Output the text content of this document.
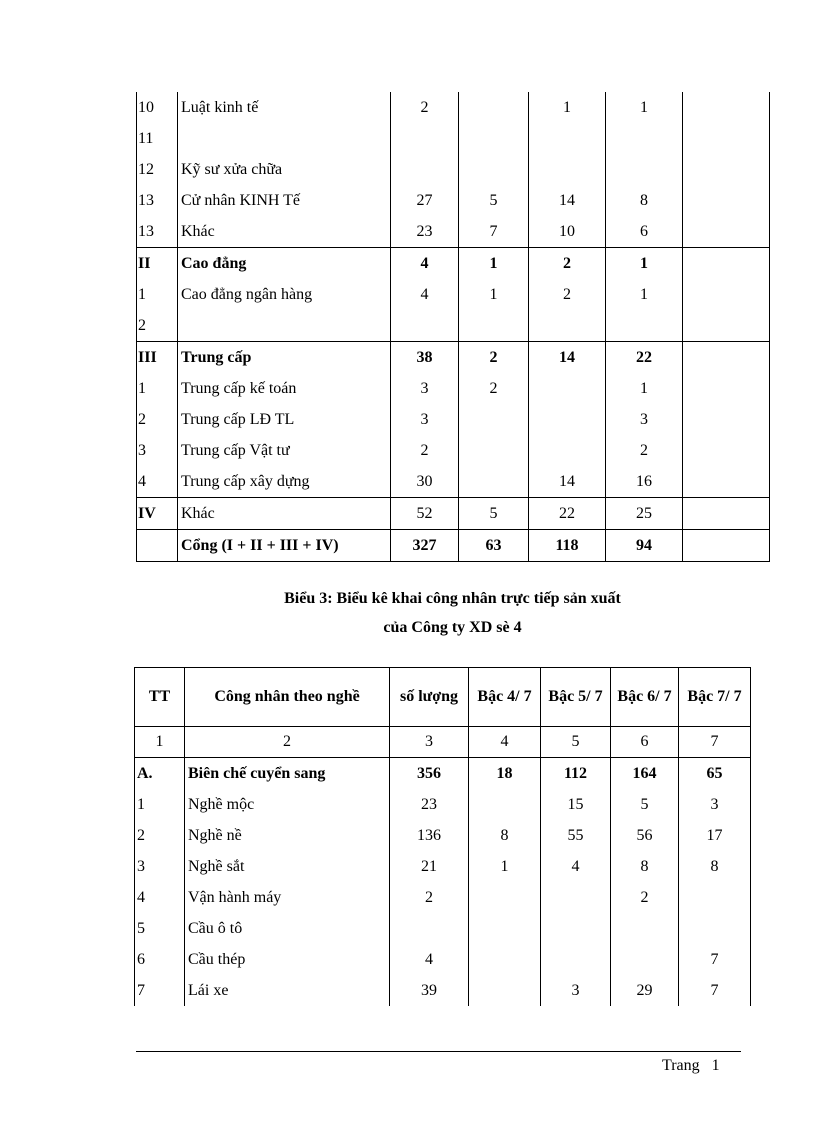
10	Luật kinh tế	2		1	1	
11						
12	Kỹ sư xửa chữa					
13	Cử nhân KINH Tế	27	5	14	8	
13	Khác	23	7	10	6	
II	Cao đẳng	4	1	2	1	
1	Cao đẳng ngân hàng	4	1	2	1	
2						
III	Trung cấp	38	2	14	22	
1	Trung cấp kế toán	3	2		1	
2	Trung cấp LĐ TL	3			3	
3	Trung cấp Vật tư	2			2	
4	Trung cấp xây dựng	30		14	16	
IV	Khác	52	5	22	25	
	Cổng (I + II + III + IV)	327	63	118	94	
Biểu 3: Biểu kê khai công nhân trực tiếp sản xuất
của Công ty XD sè 4
TT	Công nhân theo nghề	số lượng	Bậc 4/ 7	Bậc 5/ 7	Bậc 6/ 7	Bậc 7/ 7
1	2	3	4	5	6	7
A.	Biên chế cuyển sang	356	18	112	164	65
1	Nghề mộc	23		15	5	3
2	Nghề nề	136	8	55	56	17
3	Nghề sắt	21	1	4	8	8
4	Vận hành máy	2			2	
5	Cầu ô tô					
6	Cầu thép	4				7
7	Lái xe	39		3	29	7
Trang 1
